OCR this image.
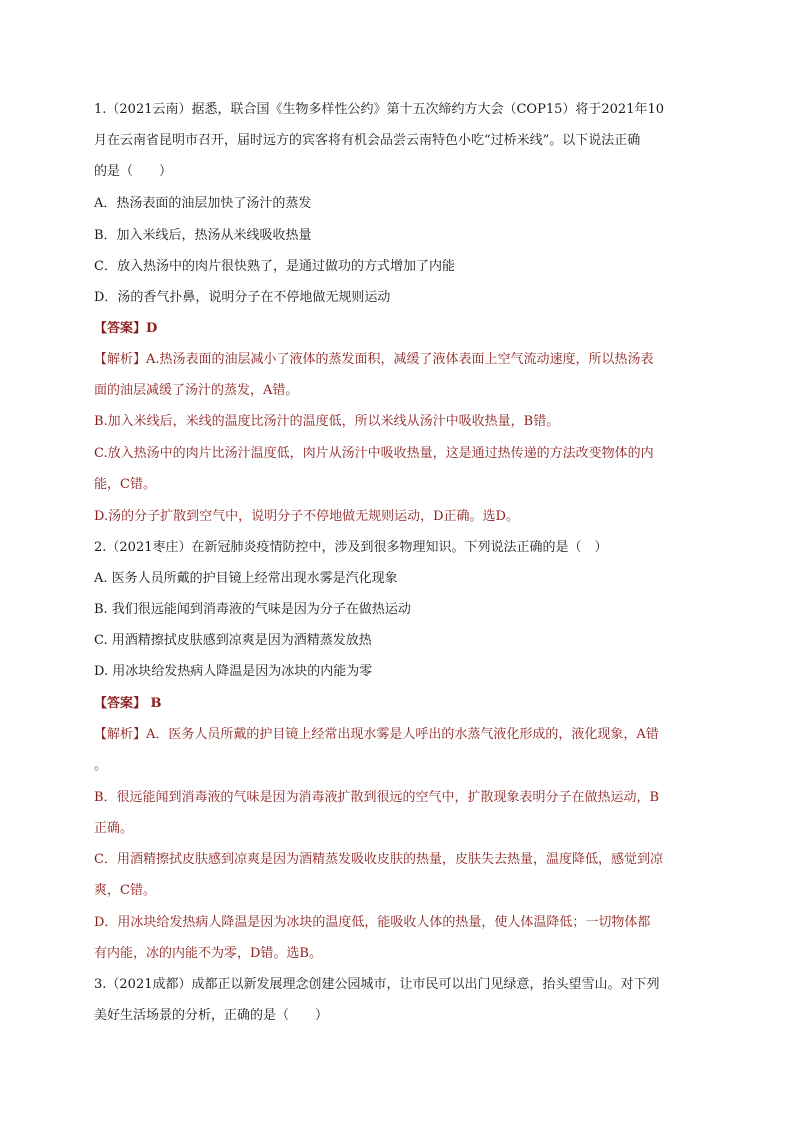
1.（2021云南）据悉，联合国《生物多样性公约》第十五次缔约方大会（COP15）将于2021年10
月在云南省昆明市召开，届时远方的宾客将有机会品尝云南特色小吃“过桥米线”。以下说法正确
的是（　　）
A．热汤表面的油层加快了汤汁的蒸发
B．加入米线后，热汤从米线吸收热量
C．放入热汤中的肉片很快熟了，是通过做功的方式增加了内能
D．汤的香气扑鼻，说明分子在不停地做无规则运动
【答案】D
【解析】A.热汤表面的油层减小了液体的蒸发面积，减缓了液体表面上空气流动速度，所以热汤表
面的油层减缓了汤汁的蒸发，A错。
B.加入米线后，米线的温度比汤汁的温度低，所以米线从汤汁中吸收热量，B错。
C.放入热汤中的肉片比汤汁温度低，肉片从汤汁中吸收热量，这是通过热传递的方法改变物体的内
能，C错。
D.汤的分子扩散到空气中，说明分子不停地做无规则运动，D正确。选D。
2.（2021枣庄）在新冠肺炎疫情防控中，涉及到很多物理知识。下列说法正确的是（　）
A. 医务人员所戴的护目镜上经常出现水雾是汽化现象
B. 我们很远能闻到消毒液的气味是因为分子在做热运动
C. 用酒精擦拭皮肤感到凉爽是因为酒精蒸发放热
D. 用冰块给发热病人降温是因为冰块的内能为零
【答案】 B
【解析】A．医务人员所戴的护目镜上经常出现水雾是人呼出的水蒸气液化形成的，液化现象，A错
。
B．很远能闻到消毒液的气味是因为消毒液扩散到很远的空气中，扩散现象表明分子在做热运动，B
正确。
C．用酒精擦拭皮肤感到凉爽是因为酒精蒸发吸收皮肤的热量，皮肤失去热量，温度降低，感觉到凉
爽，C错。
D．用冰块给发热病人降温是因为冰块的温度低，能吸收人体的热量，使人体温降低；一切物体都
有内能，冰的内能不为零，D错。选B。
3.（2021成都）成都正以新发展理念创建公园城市，让市民可以出门见绿意，抬头望雪山。对下列
美好生活场景的分析，正确的是（　　）
